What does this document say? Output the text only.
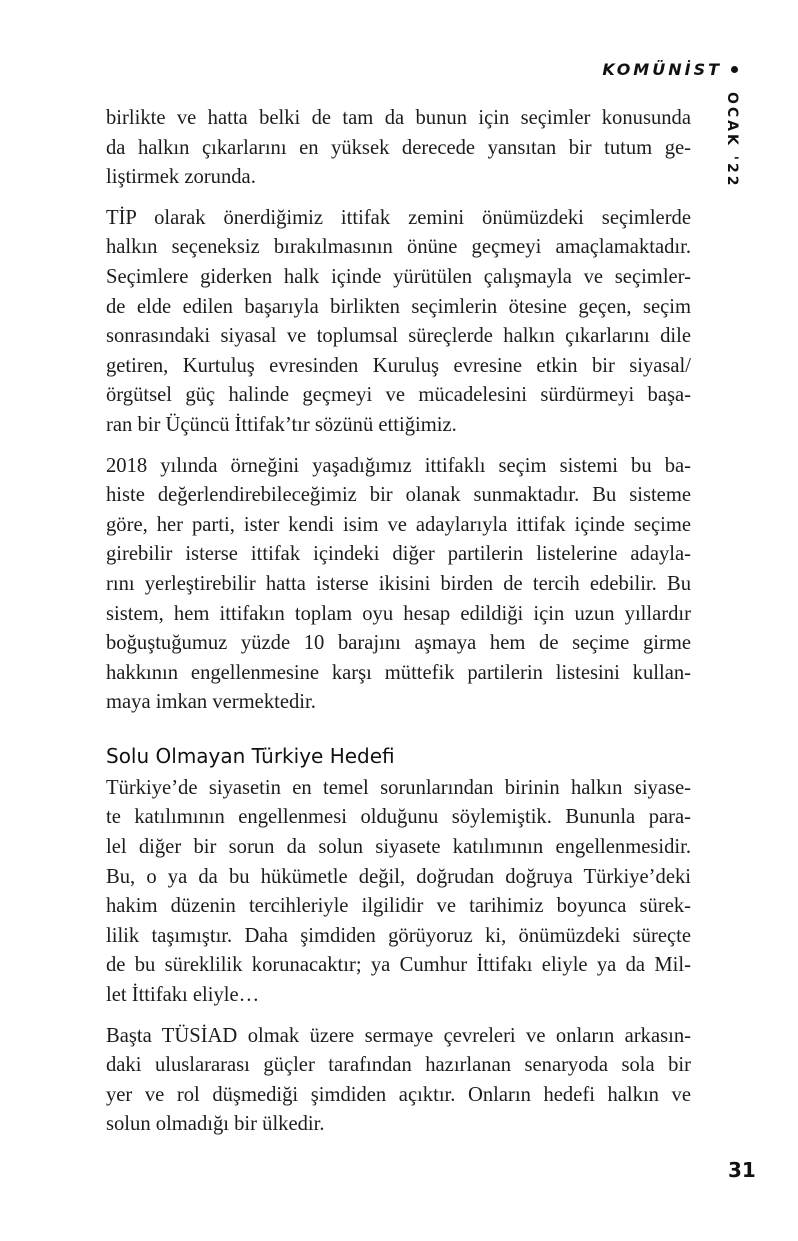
KOMÜNİST
OCAK '22

birlikte ve hatta belki de tam da bunun için seçimler konusunda
da halkın çıkarlarını en yüksek derecede yansıtan bir tutum ge-
liştirmek zorunda.

TİP olarak önerdiğimiz ittifak zemini önümüzdeki seçimlerde
halkın seçeneksiz bırakılmasının önüne geçmeyi amaçlamaktadır.
Seçimlere giderken halk içinde yürütülen çalışmayla ve seçimler-
de elde edilen başarıyla birlikten seçimlerin ötesine geçen, seçim
sonrasındaki siyasal ve toplumsal süreçlerde halkın çıkarlarını dile
getiren, Kurtuluş evresinden Kuruluş evresine etkin bir siyasal/
örgütsel güç halinde geçmeyi ve mücadelesini sürdürmeyi başa-
ran bir Üçüncü İttifak’tır sözünü ettiğimiz.

2018 yılında örneğini yaşadığımız ittifaklı seçim sistemi bu ba-
histe değerlendirebileceğimiz bir olanak sunmaktadır. Bu sisteme
göre, her parti, ister kendi isim ve adaylarıyla ittifak içinde seçime
girebilir isterse ittifak içindeki diğer partilerin listelerine adayla-
rını yerleştirebilir hatta isterse ikisini birden de tercih edebilir. Bu
sistem, hem ittifakın toplam oyu hesap edildiği için uzun yıllardır
boğuştuğumuz yüzde 10 barajını aşmaya hem de seçime girme
hakkının engellenmesine karşı müttefik partilerin listesini kullan-
maya imkan vermektedir.

Solu Olmayan Türkiye Hedefi

Türkiye’de siyasetin en temel sorunlarından birinin halkın siyase-
te katılımının engellenmesi olduğunu söylemiştik. Bununla para-
lel diğer bir sorun da solun siyasete katılımının engellenmesidir.
Bu, o ya da bu hükümetle değil, doğrudan doğruya Türkiye’deki
hakim düzenin tercihleriyle ilgilidir ve tarihimiz boyunca sürek-
lilik taşımıştır. Daha şimdiden görüyoruz ki, önümüzdeki süreçte
de bu süreklilik korunacaktır; ya Cumhur İttifakı eliyle ya da Mil-
let İttifakı eliyle…

Başta TÜSİAD olmak üzere sermaye çevreleri ve onların arkasın-
daki uluslararası güçler tarafından hazırlanan senaryoda sola bir
yer ve rol düşmediği şimdiden açıktır. Onların hedefi halkın ve
solun olmadığı bir ülkedir.

31
